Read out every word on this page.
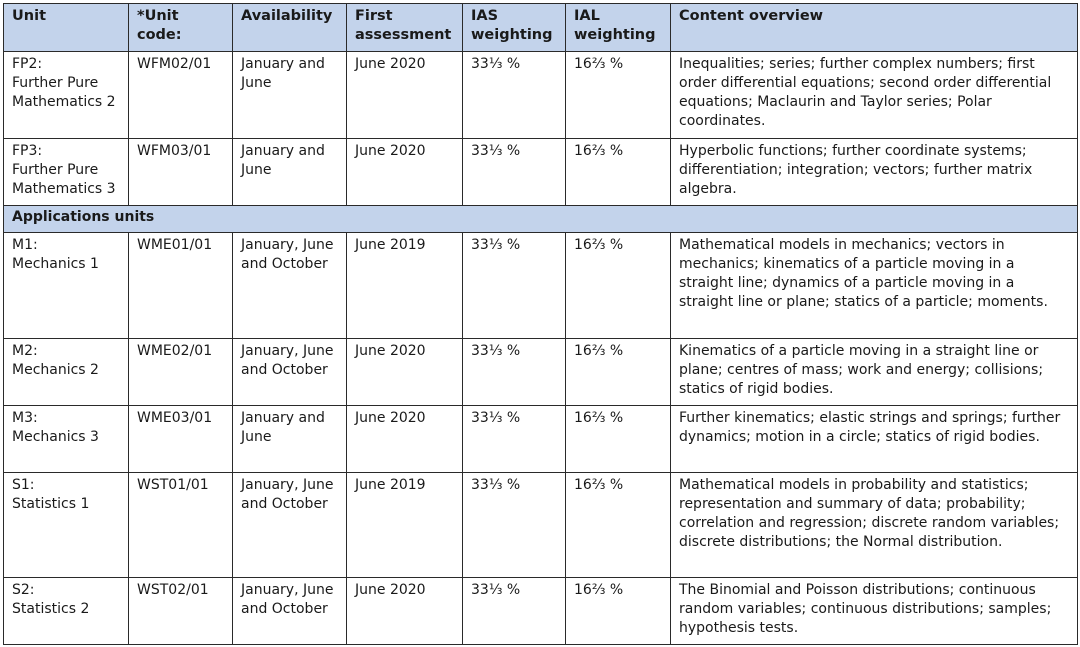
Unit	*Unit code:	Availability	First assessment	IAS weighting	IAL weighting	Content overview

FP2:
Further Pure Mathematics 2	WFM02/01	January and June	June 2020	33⅓ %	16⅔ %	Inequalities; series; further complex numbers; first order differential equations; second order differential equations; Maclaurin and Taylor series; Polar coordinates.

FP3:
Further Pure Mathematics 3	WFM03/01	January and June	June 2020	33⅓ %	16⅔ %	Hyperbolic functions; further coordinate systems; differentiation; integration; vectors; further matrix algebra.
Applications units						

M1:
Mechanics 1	WME01/01	January, June and October	June 2019	33⅓ %	16⅔ %	Mathematical models in mechanics; vectors in mechanics; kinematics of a particle moving in a straight line; dynamics of a particle moving in a straight line or plane; statics of a particle; moments.

M2:
Mechanics 2	WME02/01	January, June and October	June 2020	33⅓ %	16⅔ %	Kinematics of a particle moving in a straight line or plane; centres of mass; work and energy; collisions; statics of rigid bodies.

M3:
Mechanics 3	WME03/01	January and June	June 2020	33⅓ %	16⅔ %	Further kinematics; elastic strings and springs; further dynamics; motion in a circle; statics of rigid bodies.

S1:
Statistics 1	WST01/01	January, June and October	June 2019	33⅓ %	16⅔ %	Mathematical models in probability and statistics; representation and summary of data; probability; correlation and regression; discrete random variables; discrete distributions; the Normal distribution.

S2:
Statistics 2	WST02/01	January, June and October	June 2020	33⅓ %	16⅔ %	The Binomial and Poisson distributions; continuous random variables; continuous distributions; samples; hypothesis tests.
